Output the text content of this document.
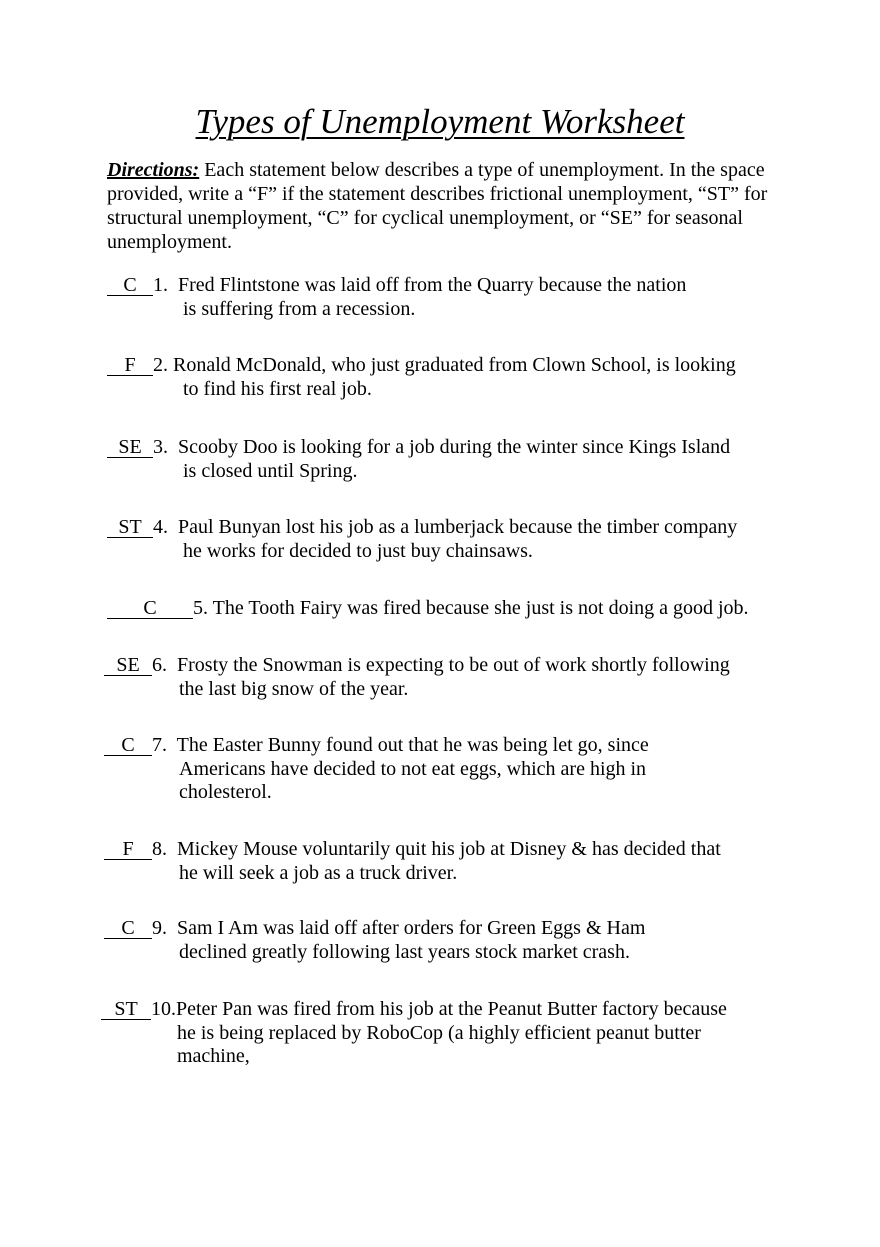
Types of Unemployment Worksheet

Directions: Each statement below describes a type of unemployment. In the space provided, write a “F” if the statement describes frictional unemployment, “ST” for structural unemployment, “C” for cyclical unemployment, or “SE” for seasonal unemployment.

C 1. Fred Flintstone was laid off from the Quarry because the nation
is suffering from a recession.
F 2. Ronald McDonald, who just graduated from Clown School, is looking
to find his first real job.
SE 3. Scooby Doo is looking for a job during the winter since Kings Island
is closed until Spring.
ST 4. Paul Bunyan lost his job as a lumberjack because the timber company
he works for decided to just buy chainsaws.
C 5. The Tooth Fairy was fired because she just is not doing a good job.
SE 6. Frosty the Snowman is expecting to be out of work shortly following
the last big snow of the year.
C 7. The Easter Bunny found out that he was being let go, since
Americans have decided to not eat eggs, which are high in
cholesterol.
F 8. Mickey Mouse voluntarily quit his job at Disney & has decided that
he will seek a job as a truck driver.
C 9. Sam I Am was laid off after orders for Green Eggs & Ham
declined greatly following last years stock market crash.
ST 10.Peter Pan was fired from his job at the Peanut Butter factory because
he is being replaced by RoboCop (a highly efficient peanut butter
machine,
